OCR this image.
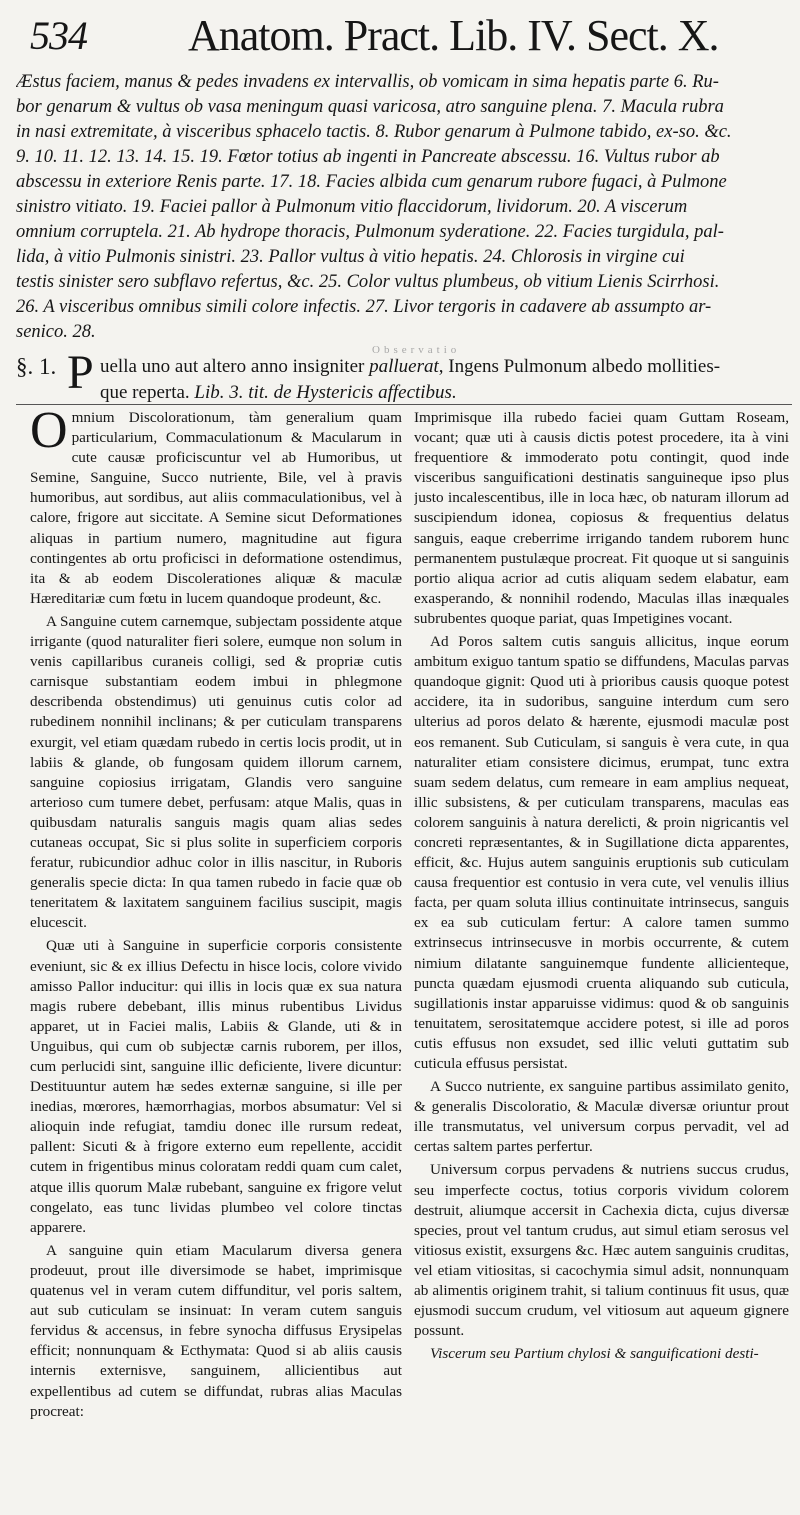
534 Anatom. Pract. Lib. IV. Sect. X.
Æstus faciem, manus & pedes invadens ex intervallis, ob vomicam in sima hepatis parte 6. Ru-
bor genarum & vultus ob vasa meningum quasi varicosa, atro sanguine plena. 7. Macula rubra
in nasi extremitate, à visceribus sphacelo tactis. 8. Rubor genarum à Pulmone tabido, ex-so. &c.
9. 10. 11. 12. 13. 14. 15. 19. Fœtor totius ab ingenti in Pancreate abscessu. 16. Vultus rubor ab
abscessu in exteriore Renis parte. 17. 18. Facies albida cum genarum rubore fugaci, à Pulmone
sinistro vitiato. 19. Faciei pallor à Pulmonum vitio flaccidorum, lividorum. 20. A viscerum
omnium corruptela. 21. Ab hydrope thoracis, Pulmonum syderatione. 22. Facies turgidula, pal-
lida, à vitio Pulmonis sinistri. 23. Pallor vultus à vitio hepatis. 24. Chlorosis in virgine cui
testis sinister sero subflavo refertus, &c. 25. Color vultus plumbeus, ob vitium Lienis Scirrhosi.
26. A visceribus omnibus simili colore infectis. 27. Livor tergoris in cadavere ab assumpto ar-
senico. 28.
Observatio
§. 1. P uella uno aut altero anno insigniter palluerat, Ingens Pulmonum albedo mollities-
que reperta. Lib. 3. tit. de Hystericis affectibus.

Omnium Discolorationum, tàm generalium quam particularium, Commaculationum & Macularum in cute causæ proficiscuntur vel ab Humoribus, ut Semine, Sanguine, Succo nutriente, Bile, vel à pravis humoribus, aut sordibus, aut aliis commaculationibus, vel à calore, frigore aut siccitate. A Semine sicut Deformationes aliquas in partium numero, magnitudine aut figura contingentes ab ortu proficisci in deformatione ostendimus, ita & ab eodem Discolerationes aliquæ & maculæ Hæreditariæ cum fœtu in lucem quandoque prodeunt, &c.

A Sanguine cutem carnemque, subjectam possidente atque irrigante (quod naturaliter fieri solere, eumque non solum in venis capillaribus curaneis colligi, sed & propriæ cutis carnisque substantiam eodem imbui in phlegmone describenda obstendimus) uti genuinus cutis color ad rubedinem nonnihil inclinans; & per cuticulam transparens exurgit, vel etiam quædam rubedo in certis locis prodit, ut in labiis & glande, ob fungosam quidem illorum carnem, sanguine copiosius irrigatam, Glandis vero sanguine arterioso cum tumere debet, perfusam: atque Malis, quas in quibusdam naturalis sanguis magis quam alias sedes cutaneas occupat, Sic si plus solite in superficiem corporis feratur, rubicundior adhuc color in illis nascitur, in Ruboris generalis specie dicta: In qua tamen rubedo in facie quæ ob teneritatem & laxitatem sanguinem facilius suscipit, magis elucescit.

Quæ uti à Sanguine in superficie corporis consistente eveniunt, sic & ex illius Defectu in hisce locis, colore vivido amisso Pallor inducitur: qui illis in locis quæ ex sua natura magis rubere debebant, illis minus rubentibus Lividus apparet, ut in Faciei malis, Labiis & Glande, uti & in Unguibus, qui cum ob subjectæ carnis ruborem, per illos, cum perlucidi sint, sanguine illic deficiente, livere dicuntur: Destituuntur autem hæ sedes externæ sanguine, si ille per inedias, mœrores, hæmorrhagias, morbos absumatur: Vel si alioquin inde refugiat, tamdiu donec ille rursum redeat, pallent: Sicuti & à frigore externo eum repellente, accidit cutem in frigentibus minus coloratam reddi quam cum calet, atque illis quorum Malæ rubebant, sanguine ex frigore velut congelato, eas tunc lividas plumbeo vel colore tinctas apparere.

A sanguine quin etiam Macularum diversa genera prodeuut, prout ille diversimode se habet, imprimisque quatenus vel in veram cutem diffunditur, vel poris saltem, aut sub cuticulam se insinuat: In veram cutem sanguis fervidus & accensus, in febre synocha diffusus Erysipelas efficit; nonnunquam & Ecthymata: Quod si ab aliis causis internis externisve, sanguinem, allicientibus aut expellentibus ad cutem se diffundat, rubras alias Maculas procreat:

Imprimisque illa rubedo faciei quam Guttam Roseam, vocant; quæ uti à causis dictis potest procedere, ita à vini frequentiore & immoderato potu contingit, quod inde visceribus sanguificationi destinatis sanguineque ipso plus justo incalescentibus, ille in loca hæc, ob naturam illorum ad suscipiendum idonea, copiosus & frequentius delatus sanguis, eaque creberrime irrigando tandem ruborem hunc permanentem pustulæque procreat. Fit quoque ut si sanguinis portio aliqua acrior ad cutis aliquam sedem elabatur, eam exasperando, & nonnihil rodendo, Maculas illas inæquales subrubentes quoque pariat, quas Impetigines vocant.

Ad Poros saltem cutis sanguis allicitus, inque eorum ambitum exiguo tantum spatio se diffundens, Maculas parvas quandoque gignit: Quod uti à prioribus causis quoque potest accidere, ita in sudoribus, sanguine interdum cum sero ulterius ad poros delato & hærente, ejusmodi maculæ post eos remanent. Sub Cuticulam, si sanguis è vera cute, in qua naturaliter etiam consistere dicimus, erumpat, tunc extra suam sedem delatus, cum remeare in eam amplius nequeat, illic subsistens, & per cuticulam transparens, maculas eas colorem sanguinis à natura derelicti, & proin nigricantis vel concreti repræsentantes, & in Sugillatione dicta apparentes, efficit, &c. Hujus autem sanguinis eruptionis sub cuticulam causa frequentior est contusio in vera cute, vel venulis illius facta, per quam soluta illius continuitate intrinsecus, sanguis ex ea sub cuticulam fertur: A calore tamen summo extrinsecus intrinsecusve in morbis occurrente, & cutem nimium dilatante sanguinemque fundente allicienteque, puncta quædam ejusmodi cruenta aliquando sub cuticula, sugillationis instar apparuisse vidimus: quod & ob sanguinis tenuitatem, serositatemque accidere potest, si ille ad poros cutis effusus non exsudet, sed illic veluti guttatim sub cuticula effusus persistat.

A Succo nutriente, ex sanguine partibus assimilato genito, & generalis Discoloratio, & Maculæ diversæ oriuntur prout ille transmutatus, vel universum corpus pervadit, vel ad certas saltem partes perfertur.

Universum corpus pervadens & nutriens succus crudus, seu imperfecte coctus, totius corporis vividum colorem destruit, aliumque accersit in Cachexia dicta, cujus diversæ species, prout vel tantum crudus, aut simul etiam serosus vel vitiosus existit, exsurgens &c. Hæc autem sanguinis cruditas, vel etiam vitiositas, si cacochymia simul adsit, nonnunquam ab alimentis originem trahit, si talium continuus fit usus, quæ ejusmodi succum crudum, vel vitiosum aut aqueum gignere possunt.

Viscerum seu Partium chylosi & sanguificationi desti-
